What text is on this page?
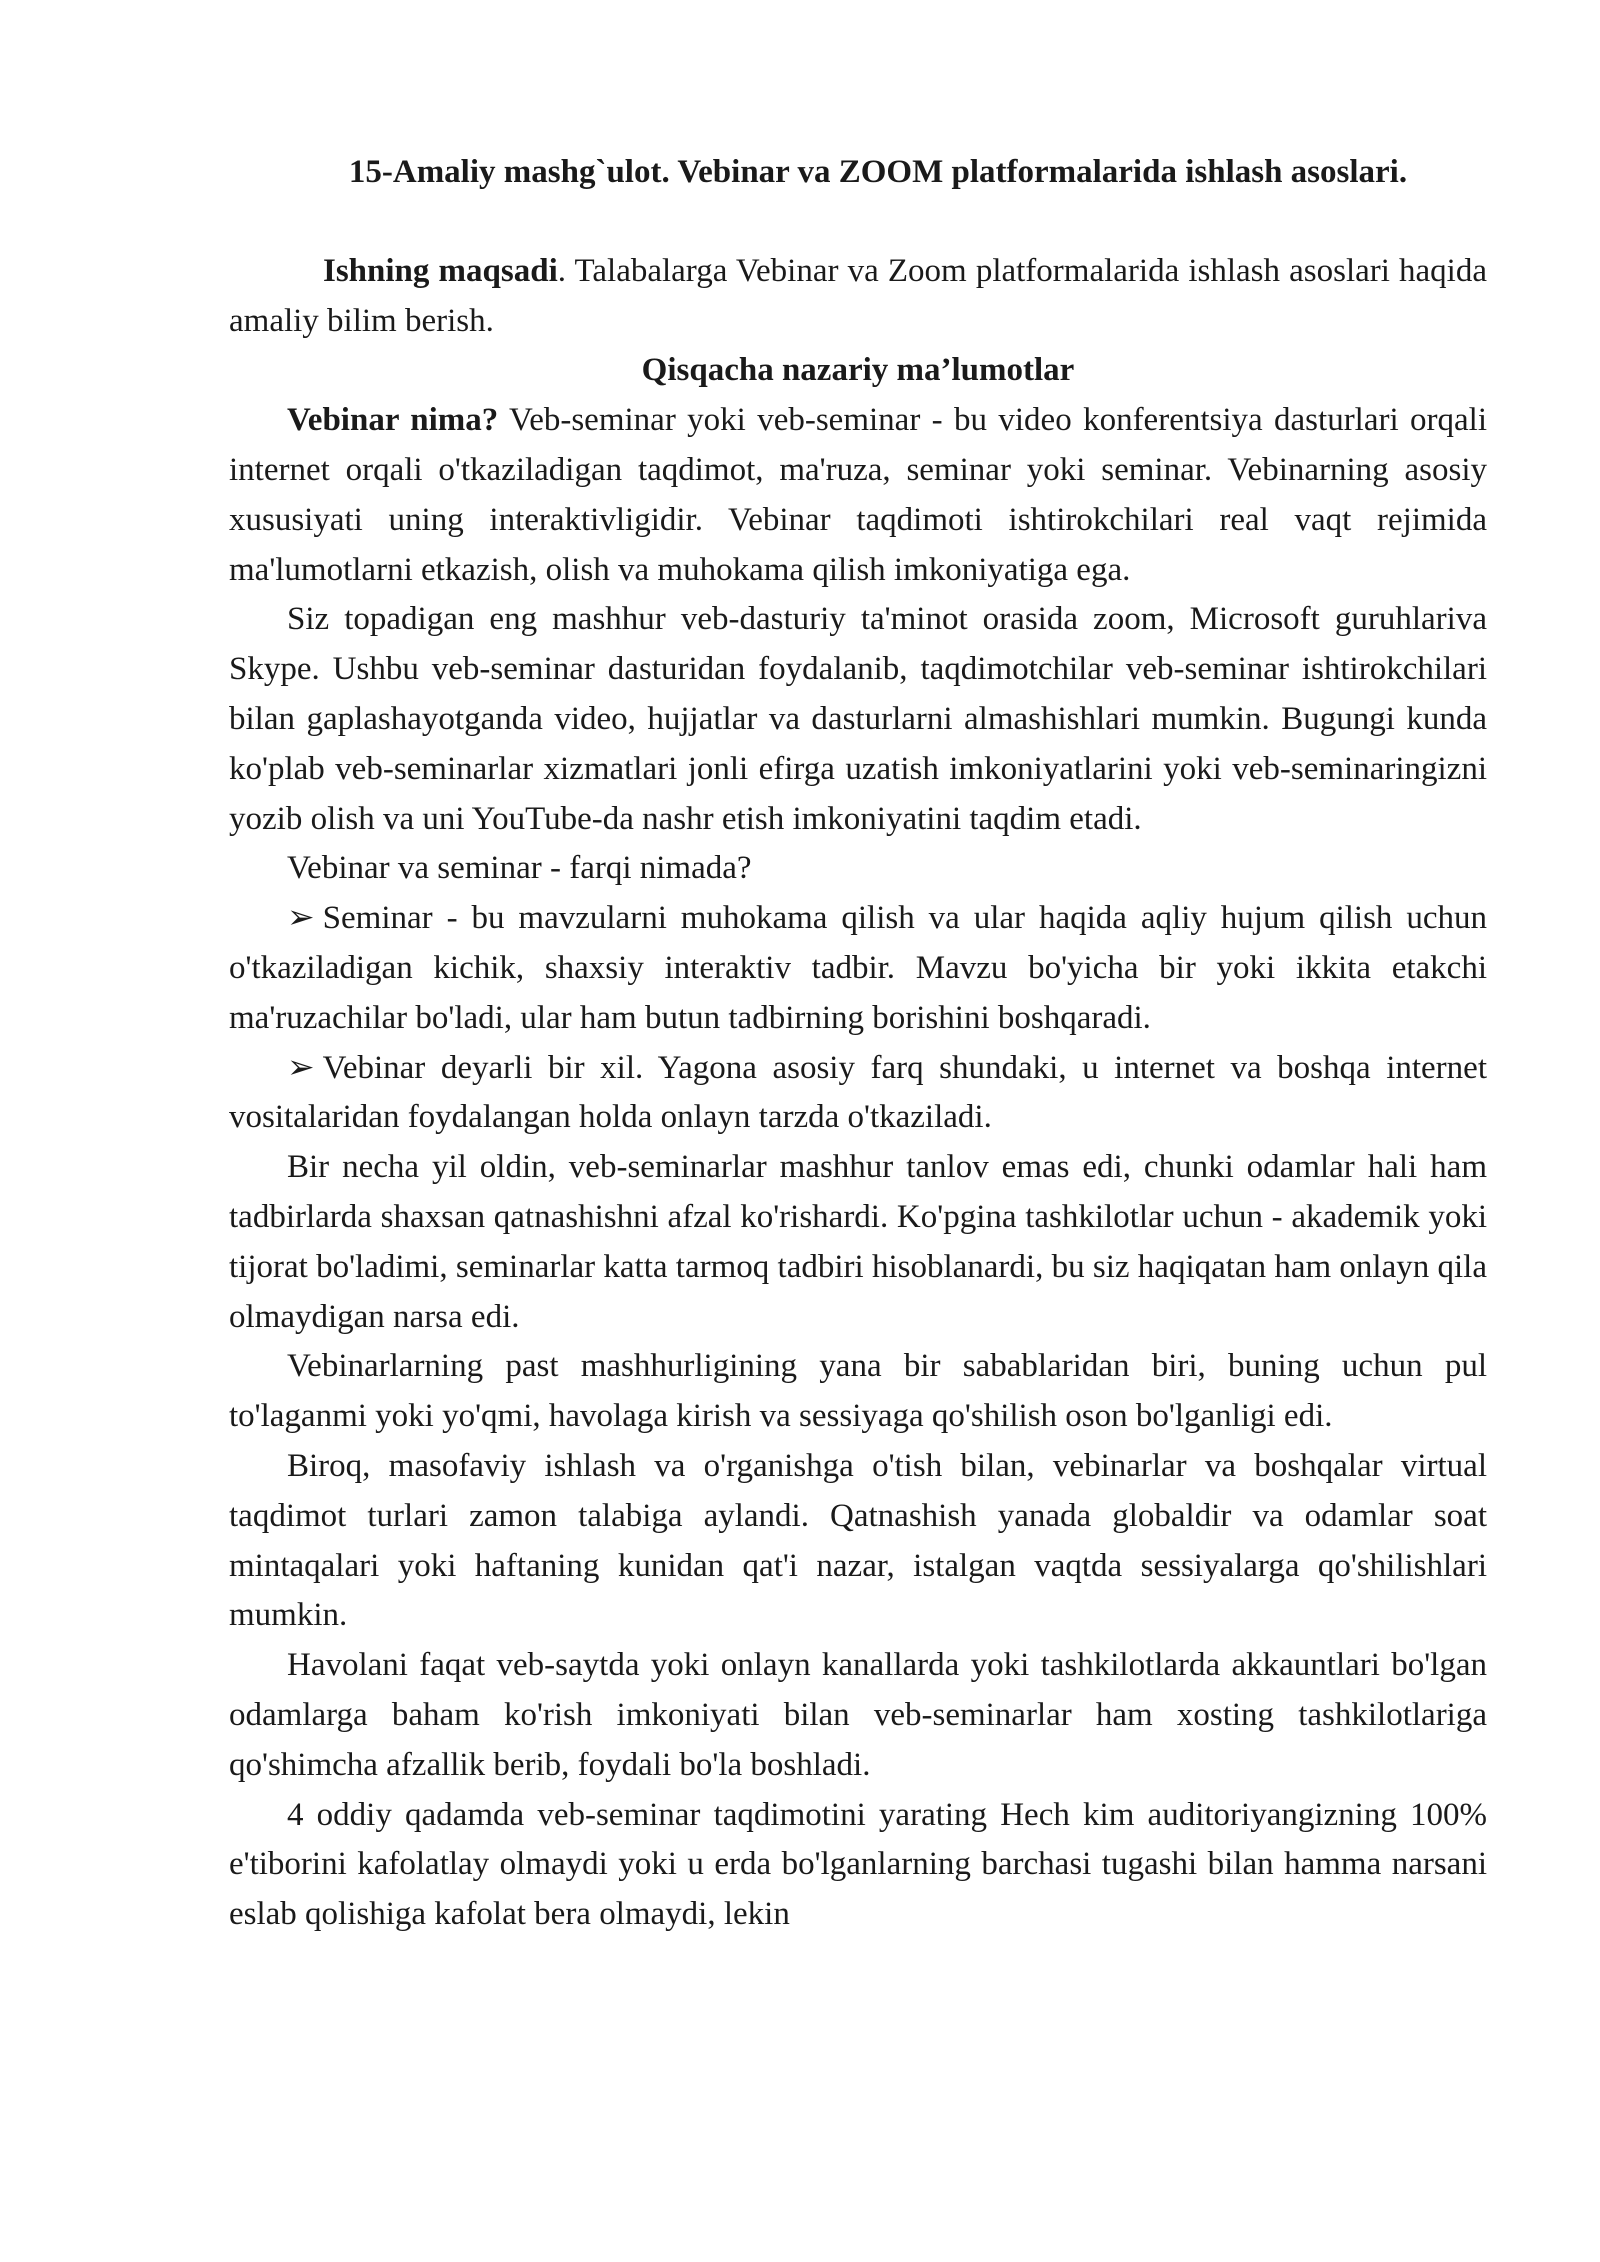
15-Amaliy mashg`ulot. Vebinar va ZOOM platformalarida ishlash asoslari.

Ishning maqsadi. Talabalarga Vebinar va Zoom platformalarida ishlash asoslari haqida amaliy bilim berish.

Qisqacha nazariy ma’lumotlar

Vebinar nima? Veb-seminar yoki veb-seminar - bu video konferentsiya dasturlari orqali internet orqali o'tkaziladigan taqdimot, ma'ruza, seminar yoki seminar. Vebinarning asosiy xususiyati uning interaktivligidir. Vebinar taqdimoti ishtirokchilari real vaqt rejimida ma'lumotlarni etkazish, olish va muhokama qilish imkoniyatiga ega.

Siz topadigan eng mashhur veb-dasturiy ta'minot orasida zoom, Microsoft guruhlariva Skype. Ushbu veb-seminar dasturidan foydalanib, taqdimotchilar veb-seminar ishtirokchilari bilan gaplashayotganda video, hujjatlar va dasturlarni almashishlari mumkin. Bugungi kunda ko'plab veb-seminarlar xizmatlari jonli efirga uzatish imkoniyatlarini yoki veb-seminaringizni yozib olish va uni YouTube-da nashr etish imkoniyatini taqdim etadi.

Vebinar va seminar - farqi nimada?

➢ Seminar - bu mavzularni muhokama qilish va ular haqida aqliy hujum qilish uchun o'tkaziladigan kichik, shaxsiy interaktiv tadbir. Mavzu bo'yicha bir yoki ikkita etakchi ma'ruzachilar bo'ladi, ular ham butun tadbirning borishini boshqaradi.

➢ Vebinar deyarli bir xil. Yagona asosiy farq shundaki, u internet va boshqa internet vositalaridan foydalangan holda onlayn tarzda o'tkaziladi.

Bir necha yil oldin, veb-seminarlar mashhur tanlov emas edi, chunki odamlar hali ham tadbirlarda shaxsan qatnashishni afzal ko'rishardi. Ko'pgina tashkilotlar uchun - akademik yoki tijorat bo'ladimi, seminarlar katta tarmoq tadbiri hisoblanardi, bu siz haqiqatan ham onlayn qila olmaydigan narsa edi.

Vebinarlarning past mashhurligining yana bir sabablaridan biri, buning uchun pul to'laganmi yoki yo'qmi, havolaga kirish va sessiyaga qo'shilish oson bo'lganligi edi.

Biroq, masofaviy ishlash va o'rganishga o'tish bilan, vebinarlar va boshqalar virtual taqdimot turlari zamon talabiga aylandi. Qatnashish yanada globaldir va odamlar soat mintaqalari yoki haftaning kunidan qat'i nazar, istalgan vaqtda sessiyalarga qo'shilishlari mumkin.

Havolani faqat veb-saytda yoki onlayn kanallarda yoki tashkilotlarda akkauntlari bo'lgan odamlarga baham ko'rish imkoniyati bilan veb-seminarlar ham xosting tashkilotlariga qo'shimcha afzallik berib, foydali bo'la boshladi.

4 oddiy qadamda veb-seminar taqdimotini yarating Hech kim auditoriyangizning 100% e'tiborini kafolatlay olmaydi yoki u erda bo'lganlarning barchasi tugashi bilan hamma narsani eslab qolishiga kafolat bera olmaydi, lekin
